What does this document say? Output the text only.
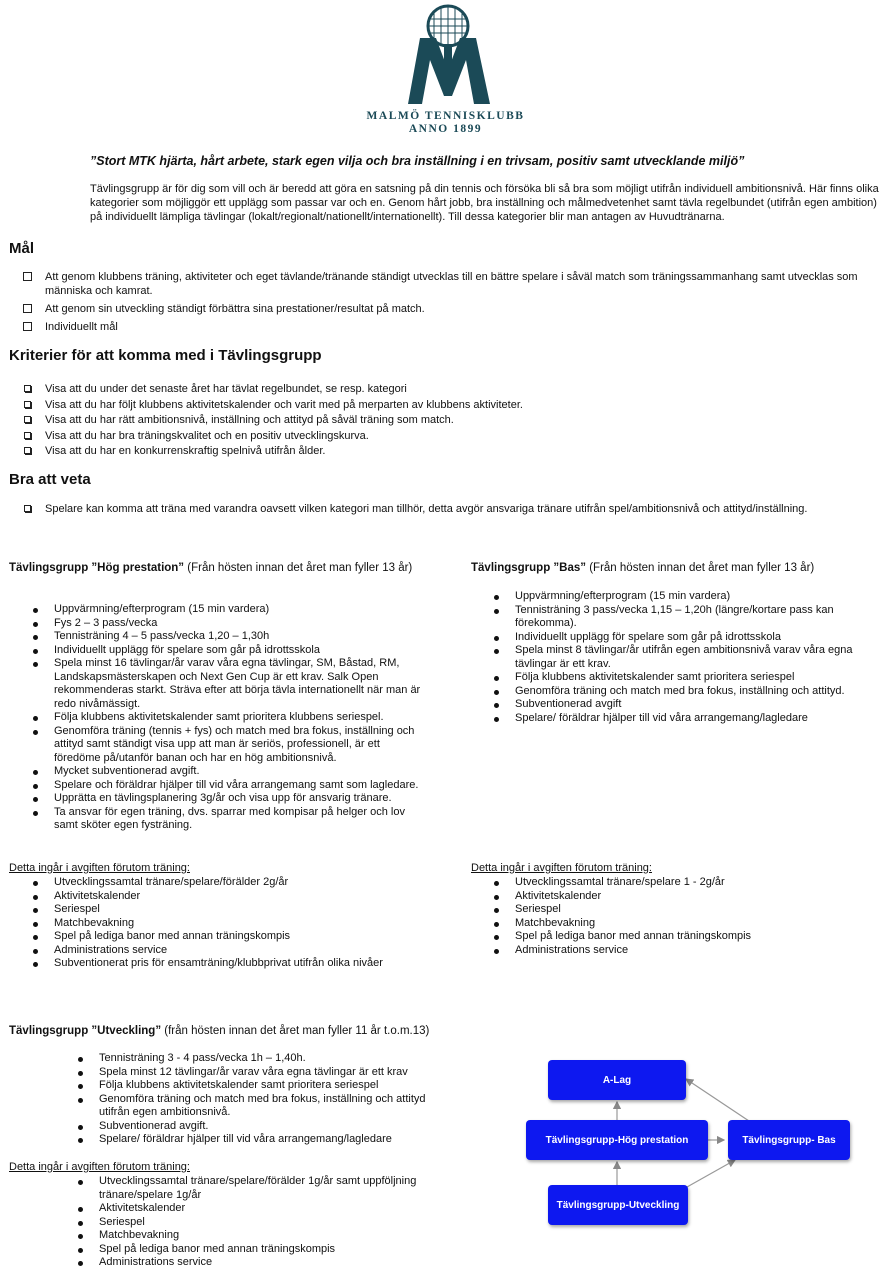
MALMÖ TENNISKLUBB
ANNO 1899
”Stort MTK hjärta, hårt arbete, stark egen vilja och bra inställning i en trivsam, positiv samt utvecklande miljö”
Tävlingsgrupp är för dig som vill och är beredd att göra en satsning på din tennis och försöka bli så bra som möjligt utifrån individuell ambitionsnivå. Här finns olika kategorier som möjliggör ett upplägg som passar var och en. Genom hårt jobb, bra inställning och målmedvetenhet samt tävla regelbundet (utifrån egen ambition) på individuellt lämpliga tävlingar (lokalt/regionalt/nationellt/internationellt). Till dessa kategorier blir man antagen av Huvudtränarna.
Mål
Att genom klubbens träning, aktiviteter och eget tävlande/tränande ständigt utvecklas till en bättre spelare i såväl match som träningssammanhang samt utvecklas som människa och kamrat.
Att genom sin utveckling ständigt förbättra sina prestationer/resultat på match.
Individuellt mål
Kriterier för att komma med i Tävlingsgrupp
Visa att du under det senaste året har tävlat regelbundet, se resp. kategori
Visa att du har följt klubbens aktivitetskalender och varit med på merparten av klubbens aktiviteter.
Visa att du har rätt ambitionsnivå, inställning och attityd på såväl träning som match.
Visa att du har bra träningskvalitet och en positiv utvecklingskurva.
Visa att du har en konkurrenskraftig spelnivå utifrån ålder.
Bra att veta
Spelare kan komma att träna med varandra oavsett vilken kategori man tillhör, detta avgör ansvariga tränare utifrån spel/ambitionsnivå och attityd/inställning.
Tävlingsgrupp ”Hög prestation” (Från hösten innan det året man fyller 13 år)
Uppvärmning/efterprogram (15 min vardera)
Fys 2 – 3 pass/vecka
Tennisträning 4 – 5 pass/vecka 1,20 – 1,30h
Individuellt upplägg för spelare som går på idrottsskola
Spela minst 16 tävlingar/år varav våra egna tävlingar, SM, Båstad, RM, Landskapsmästerskapen och Next Gen Cup är ett krav. Salk Open rekommenderas starkt. Sträva efter att börja tävla internationellt när man är redo nivåmässigt.
Följa klubbens aktivitetskalender samt prioritera klubbens seriespel.
Genomföra träning (tennis + fys) och match med bra fokus, inställning och attityd samt ständigt visa upp att man är seriös, professionell, är ett föredöme på/utanför banan och har en hög ambitionsnivå.
Mycket subventionerad avgift.
Spelare och föräldrar hjälper till vid våra arrangemang samt som lagledare.
Upprätta en tävlingsplanering 3g/år och visa upp för ansvarig tränare.
Ta ansvar för egen träning, dvs. sparrar med kompisar på helger och lov samt sköter egen fysträning.
Detta ingår i avgiften förutom träning:
Utvecklingssamtal tränare/spelare/förälder 2g/år
Aktivitetskalender
Seriespel
Matchbevakning
Spel på lediga banor med annan träningskompis
Administrations service
Subventionerat pris för ensamträning/klubbprivat utifrån olika nivåer
Tävlingsgrupp ”Bas” (Från hösten innan det året man fyller 13 år)
Uppvärmning/efterprogram (15 min vardera)
Tennisträning 3 pass/vecka 1,15 – 1,20h (längre/kortare pass kan förekomma).
Individuellt upplägg för spelare som går på idrottsskola
Spela minst 8 tävlingar/år utifrån egen ambitionsnivå varav våra egna tävlingar är ett krav.
Följa klubbens aktivitetskalender samt prioritera seriespel
Genomföra träning och match med bra fokus, inställning och attityd.
Subventionerad avgift
Spelare/ föräldrar hjälper till vid våra arrangemang/lagledare
Detta ingår i avgiften förutom träning:
Utvecklingssamtal tränare/spelare 1 - 2g/år
Aktivitetskalender
Seriespel
Matchbevakning
Spel på lediga banor med annan träningskompis
Administrations service
Tävlingsgrupp ”Utveckling” (från hösten innan det året man fyller 11 år t.o.m.13)
Tennisträning 3 - 4 pass/vecka 1h – 1,40h.
Spela minst 12 tävlingar/år varav våra egna tävlingar är ett krav
Följa klubbens aktivitetskalender samt prioritera seriespel
Genomföra träning och match med bra fokus, inställning och attityd utifrån egen ambitionsnivå.
Subventionerad avgift.
Spelare/ föräldrar hjälper till vid våra arrangemang/lagledare
Detta ingår i avgiften förutom träning:
Utvecklingssamtal tränare/spelare/förälder 1g/år samt uppföljning tränare/spelare 1g/år
Aktivitetskalender
Seriespel
Matchbevakning
Spel på lediga banor med annan träningskompis
Administrations service
A-Lag
Tävlingsgrupp-Hög prestation	Tävlingsgrupp- Bas
Tävlingsgrupp-Utveckling
